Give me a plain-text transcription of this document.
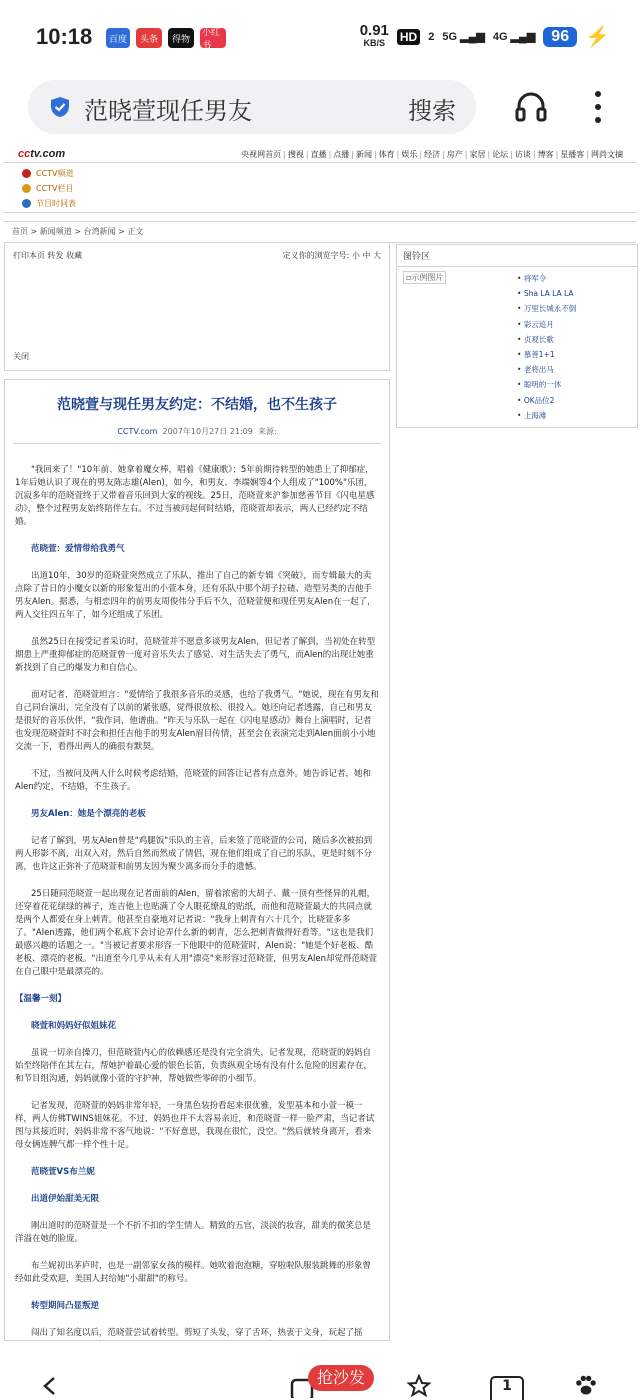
10:18	百度	头条	得物
小红书
0.91
KB/S	HD 2 5G ▂▄▆ 4G ▂▄▆	96 ⚡
范晓萱现任男友	搜索
cctv.com	央视网首页 | 搜视 | 直播 | 点播 | 新闻 | 体育 | 娱乐 | 经济 | 房产 | 家居 | 论坛 | 访谈 | 博客 | 星播客 | 网尚文摘
CCTV频道
CCTV栏目
节目时间表
首页 > 新闻频道 > 台湾新闻 > 正文
打印本页 转发 收藏	定义你的浏览字号: 小 中 大
关闭
范晓萱与现任男友约定：不结婚，也不生孩子
CCTV.com 2007年10月27日 21:09 来源:

"我回来了！"10年前、她拿着魔女棒，唱着《健康歌》；5年前期待转型的她患上了抑郁症，1年后她认识了现在的男友陈志雄(Alen)，如今，和男友、李端娴等4个人组成了"100%"乐团，沉寂多年的范晓萱终于又带着音乐回到大家的视线。25日，范晓萱来沪参加慈善节目《闪电星感动》，整个过程男友始终陪伴左右。不过当被问起何时结婚，范晓萱却表示，两人已经约定不结婚。

范晓萱：爱情带给我勇气

出道10年，30岁的范晓萱突然成立了乐队，推出了自己的新专辑《突破》，而专辑最大的卖点除了昔日的小魔女以新的形象复出的小萱本身，还有乐队中那个胡子拉碴、造型另类的吉他手男友Alen。据悉，与相恋四年的前男友周俊伟分手后不久，范晓萱便和现任男友Alen在一起了，两人交往四五年了，如今还组成了乐团。

虽然25日在接受记者采访时，范晓萱并不愿意多谈男友Alen，但记者了解到，当初处在转型期患上严重抑郁症的范晓萱曾一度对音乐失去了感觉、对生活失去了勇气，而Alen的出现让她重新找到了自己的爆发力和自信心。

面对记者，范晓萱坦言："爱情给了我很多音乐的灵感，也给了我勇气。"她说，现在有男友和自己同台演出，完全没有了以前的紧张感，觉得很放松、很投入。她还向记者透露，自己和男友是很好的音乐伙伴，"我作词，他谱曲。"昨天与乐队一起在《闪电星感动》舞台上演唱时，记者也发现范晓萱时不时会和担任吉他手的男友Alen眉目传情，甚至会在表演完走到Alen面前小小地交流一下，看得出两人的确很有默契。

不过，当被问及两人什么时候考虑结婚，范晓萱的回答让记者有点意外。她告诉记者，她和Alen约定，不结婚，不生孩子。

男友Alen：她是个漂亮的老板

记者了解到，男友Alen曾是"鸡腿饭"乐队的主音，后来签了范晓萱的公司，随后多次被拍到两人形影不离，出双入对，然后自然而然成了情侣，现在他们组成了自己的乐队，更是时刻不分离，也许这正弥补了范晓萱和前男友因为聚少离多而分手的遗憾。

25日随同范晓萱一起出现在记者面前的Alen，留着浓密的大胡子、戴一顶有些怪异的礼帽，还穿着花花绿绿的裤子，连吉他上也贴满了令人眼花缭乱的贴纸，而他和范晓萱最大的共同点就是两个人都爱在身上刺青。他甚至自豪地对记者说："我身上刺青有六十几个，比晓萱多多了。"Alen透露，他们两个私底下会讨论弄什么新的刺青，怎么把刺青做得好看等。"这也是我们最感兴趣的话题之一。"当被记者要求形容一下他眼中的范晓萱时，Alen说："她是个好老板、酷老板、漂亮的老板。"出道至今几乎从未有人用"漂亮"来形容过范晓萱，但男友Alen却觉得范晓萱在自己眼中是最漂亮的。

【温馨一刻】

晓萱和妈妈好似姐妹花

虽说一切亲自操刀，但范晓萱内心的依赖感还是没有完全消失，记者发现，范晓萱的妈妈自始至终陪伴在其左右，帮她护着最心爱的银色长笛，负责纵观全场有没有什么危险的因素存在，和节目组沟通，妈妈就像小萱的守护神，帮她做些零碎的小细节。

记者发现，范晓萱的妈妈非常年轻，一身黑色装扮看起来很优雅，发型基本和小萱一模一样，两人仿佛TWINS姐妹花。不过，妈妈也并不太容易亲近，和范晓萱一样一脸严肃，当记者试图与其接近时，妈妈非常不客气地说："不好意思，我现在很忙，没空。"然后就转身离开，看来母女俩连脾气都一样个性十足。

范晓萱VS布兰妮

出道伊始甜美无限

刚出道时的范晓萱是一个不折不扣的学生情人。精致的五官，淡淡的妆容，甜美的微笑总是洋溢在她的脸庞。

布兰妮初出茅庐时，也是一副邻家女孩的模样。她吹着泡泡糖，穿啦啦队服装跳舞的形象曾经如此受欢迎，美国人封给她"小甜甜"的称号。

转型期间凸显叛逆

闯出了知名度以后，范晓萱尝试着转型。剪短了头发，穿了舌环，热衷于文身，玩起了摇

图铃区
▫示例图片
•	将军令
• Sha LA LA LA
• 万里长城永不倒
• 彩云追月
• 贞观长歌
• 慕善1+1
• 老将出马
• 聪明的一休
• OK品位2
• 上海滩
1
抢沙发
